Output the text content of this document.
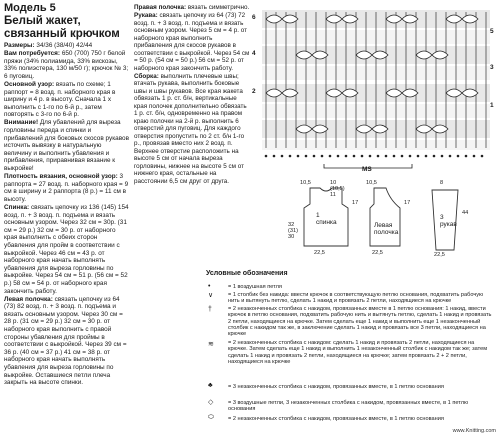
Модель 5
Белый жакет, связанный крючком
Размеры: 34/36 (38/40) 42/44
Вам потребуется: 650 (700) 750 г белой пряжи (34% полиамида, 33% вискозы, 33% полиэстера, 130 м/50 г); крючок № 3; 6 пуговиц.
Основной узор: вязать по схеме; 1 раппорт = 8 возд. п. наборного края в ширину и 4 р. в высоту. Сначала 1 х выполнить с 1-го по 6-й р., затем повторять с 3-го по 6-й р.
Внимание! Для убавлений для выреза горловины переда и спинки и прибавлений для боковых скосов рукавов источить вывязку в натуральную величину и выполнить убавления и прибавления, приравнивая вязание к выкройке!
Плотность вязания, основной узор: 3 раппорта = 27 возд. п. наборного края = 9 см в ширину и 2 раппорта (8 р.) = 11 см в высоту.
Спинка: связать цепочку из 136 (145) 154 возд. п. + 3 возд. п. подъема и вязать основным узором. Через 32 см = 30р. (31 см = 29 р.) 32 см = 30 р. от наборного края выполнить с обеих сторон убавления для пройм в соответствии с выкройкой. Через 46 см = 43 р. от наборного края начать выполнять убавления для выреза горловины по выкройке. Через 54 см = 51 р. (56 см = 52 р.) 58 см = 54 р. от наборного края закончить работу.
Левая полочка: связать цепочку из 64 (73) 82 возд. п. + 3 возд. п. подъема и вязать основным узором. Через 30 см = 28 р. (31 см = 29 р.) 32 см = 30 р. от наборного края выполнить с правой стороны убавления для проймы в соответствии с выкройкой. Через 39 см = 36 р. (40 см = 37 р.) 41 см = 38 р. от наборного края начать выполнять убавления для выреза горловины по выкройке. Оставшиеся петли плеча закрыть на высоте спинки.
Правая полочка: вязать симметрично.
Рукава: связать цепочку из 64 (73) 72 возд. п. + 3 возд. п. подъема и вязать основным узором. Через 5 см = 4 р. от наборного края выполнить прибавления для скосов рукавов в соответствии с выкройкой. Через 54 см = 50 р. (54 см = 50 р.) 56 см = 52 р. от наборного края закончить работу.
Сборка: выполнить плечевые швы; втачать рукава, выполнить боковые швы и швы рукавов. Все края жакета обвязать 1 р. ст. б/н, вертикальные края полочек дополнительно обвязать 1 р. ст. б/н, одновременно на правом краю полочки на 2-й р. выполнить 6 отверстий для пуговиц. Для каждого отверстия пропустить по 2 ст. б/н 1-го р., провязав вместо них 2 возд. п. Верхнее отверстие расположить на высоте 5 см от начала выреза горловины, нижнее на высоте 5 см от нижнего края, остальные на расстоянии 6,5 см друг от друга.
6
5
4
3
2
1
MS
1
спинка
10,5	10
(10,5)
11
17
32
(31)
30
22,5
Левая
полочка
10,5
17
22,5
3
рукав
8
44
22,5
Условные обозначения
•	= 1 воздушная петля
∨	= 1 столбик без накида: ввести крючок в соответствующую петлю основания, подхватить рабочую нить и вытянуть петлю, сделать 1 накид и провязать 2 петли, находящиеся на крючке
†	= 2 незаконченных столбика с накидом, провязанных вместе в 1 петлю основания: 1 накид, ввести крючок в петлю основания, подхватить рабочую нить и вытянуть петлю, сделать 1 накид и провязать 2 петли, находящиеся на крючке. Затем сделать еще 1 накид и выполнить еще 1 незаконченный столбик с накидом так же, в заключение сделать 1 накид и провязать все 3 петли, находящиеся на крючке
≋	= 2 незаконченных столбика с накидом: сделать 1 накид и провязать 2 петли, находящиеся на крючке. Затем сделать еще 1 накид и выполнить 1 незаконченный столбик с накидом так же; затем сделать 1 накид и провязать 2 петли, находящиеся на крючке; затем провязать 2 + 2 петли, находящиеся на крючке
♣	= 3 незаконченных столбика с накидом, провязанных вместе, в 1 петлю основания
◇	= 3 воздушные петли, 3 незаконченных столбика с накидом, провязанных вместе, в 1 петлю основания
⬭	= 2 незаконченных столбика с накидом, провязанных вместе, в 1 петлю основания
www.Knitting.com
